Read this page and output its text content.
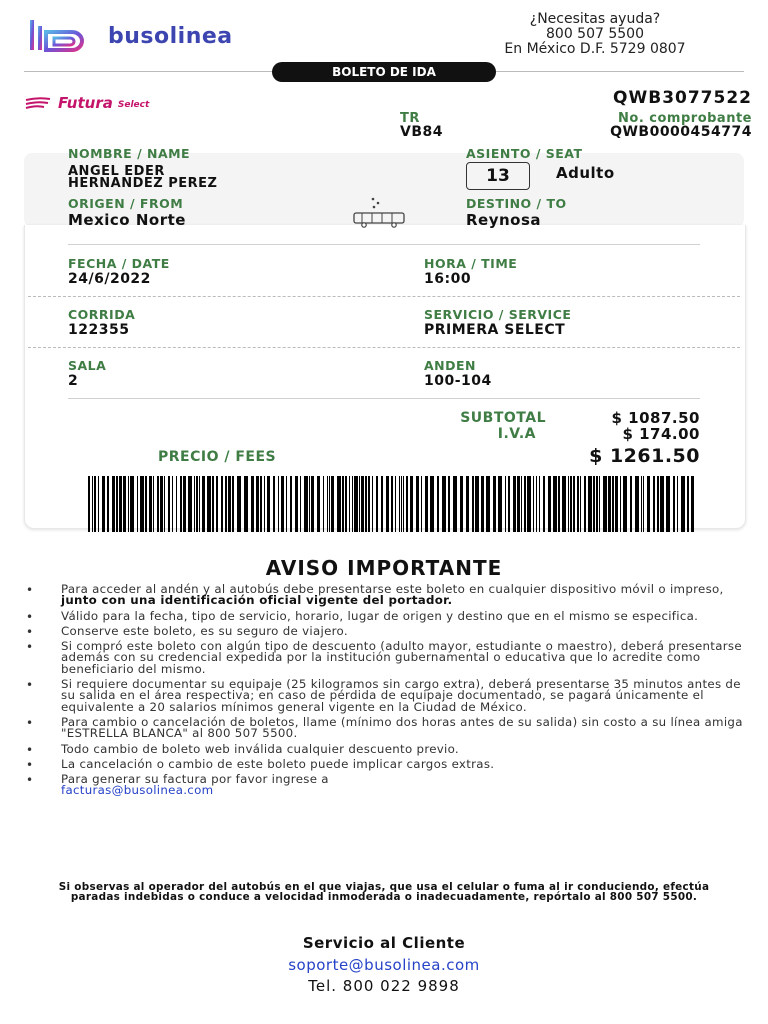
busolinea
¿Necesitas ayuda?
800 507 5500
En México D.F. 5729 0807
BOLETO DE IDA
Futura Select	QWB3077522
TR
VB84
No. comprobante
QWB0000454774
NOMBRE / NAME
ANGEL EDER
HERNANDEZ PEREZ
ASIENTO / SEAT
13	Adulto
ORIGEN / FROM
Mexico Norte
DESTINO / TO
Reynosa
FECHA / DATE
24/6/2022
HORA / TIME
16:00
CORRIDA
122355
SERVICIO / SERVICE
PRIMERA SELECT
SALA
2
ANDEN
100-104
SUBTOTAL	$ 1087.50
I.V.A	$ 174.00
PRECIO / FEES	$ 1261.50
AVISO IMPORTANTE
• Para acceder al andén y al autobús debe presentarse este boleto en cualquier dispositivo móvil o impreso, junto con una identificación oficial vigente del portador.
• Válido para la fecha, tipo de servicio, horario, lugar de origen y destino que en el mismo se especifica.
• Conserve este boleto, es su seguro de viajero.
• Si compró este boleto con algún tipo de descuento (adulto mayor, estudiante o maestro), deberá presentarse además con su credencial expedida por la institución gubernamental o educativa que lo acredite como beneficiario del mismo.
• Si requiere documentar su equipaje (25 kilogramos sin cargo extra), deberá presentarse 35 minutos antes de su salida en el área respectiva; en caso de pérdida de equipaje documentado, se pagará únicamente el equivalente a 20 salarios mínimos general vigente en la Ciudad de México.
• Para cambio o cancelación de boletos, llame (mínimo dos horas antes de su salida) sin costo a su línea amiga "ESTRELLA BLANCA" al 800 507 5500.
• Todo cambio de boleto web inválida cualquier descuento previo.
• La cancelación o cambio de este boleto puede implicar cargos extras.
• Para generar su factura por favor ingrese a
facturas@busolinea.com
Si observas al operador del autobús en el que viajas, que usa el celular o fuma al ir conduciendo, efectúa paradas indebidas o conduce a velocidad inmoderada o inadecuadamente, repórtalo al 800 507 5500.
Servicio al Cliente
soporte@busolinea.com
Tel. 800 022 9898
